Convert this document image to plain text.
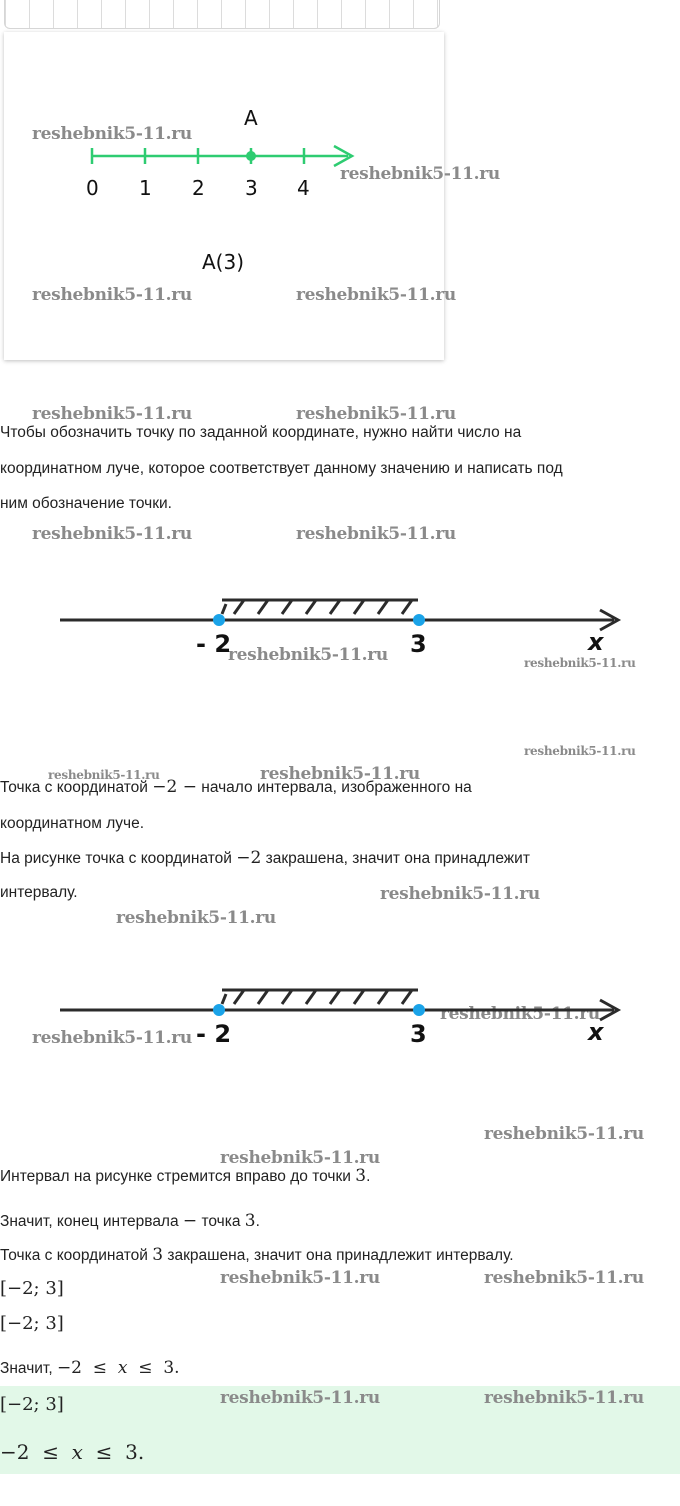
A
0 1 2 3 4
A(3)
reshebnik5-11.ru
reshebnik5-11.ru
reshebnik5-11.ru	reshebnik5-11.ru
reshebnik5-11.ru	reshebnik5-11.ru
reshebnik5-11.ru	reshebnik5-11.ru
reshebnik5-11.ru	reshebnik5-11.ru
reshebnik5-11.ru
reshebnik5-11.ru	reshebnik5-11.ru
reshebnik5-11.ru
reshebnik5-11.ru
reshebnik5-11.ru
reshebnik5-11.ru
reshebnik5-11.ru
reshebnik5-11.ru
reshebnik5-11.ru	reshebnik5-11.ru
Чтобы обозначить точку по заданной координате, нужно найти число на
координатном луче, которое соответствует данному значению и написать под
ним обозначение точки.
- 2	3	x
Точка с координатой −2 − начало интервала, изображенного на
координатном луче.
На рисунке точка с координатой −2 закрашена, значит она принадлежит
интервалу.
- 2	3	x
Интервал на рисунке стремится вправо до точки 3.
Значит, конец интервала − точка 3.
Точка с координатой 3 закрашена, значит она принадлежит интервалу.
[−2; 3]
[−2; 3]
Значит, −2  ≤  x  ≤  3.
[−2; 3]
−2  ≤  x  ≤  3.
reshebnik5-11.ru	reshebnik5-11.ru
